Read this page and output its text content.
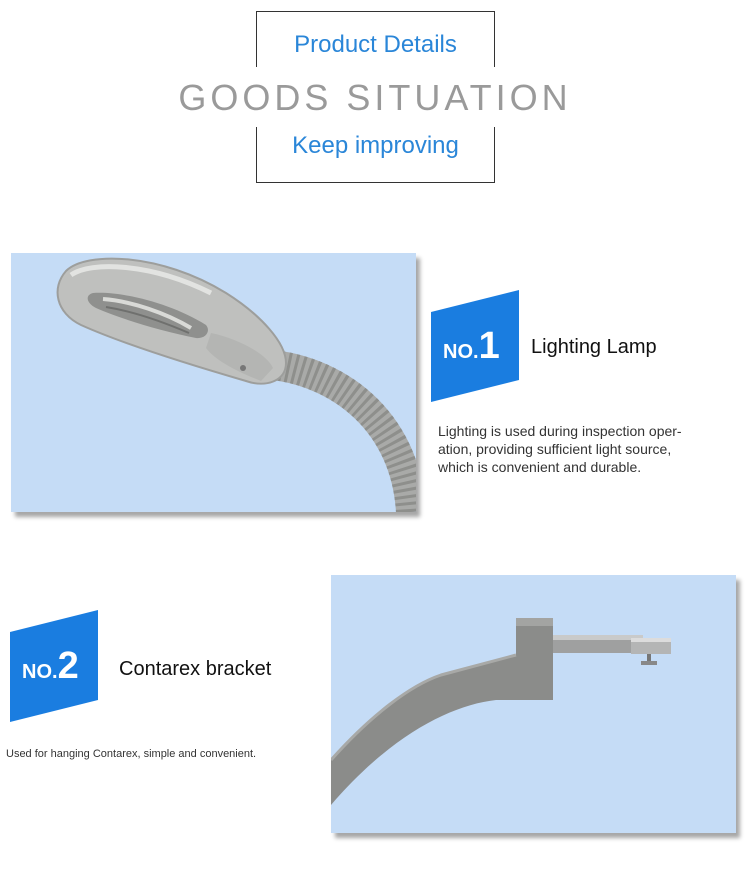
Product Details
GOODS SITUATION
Keep improving
NO.1 Lighting Lamp
Lighting is used during inspection oper-
ation, providing sufficient light source,
which is convenient and durable.
NO.2 Contarex bracket
Used for hanging Contarex, simple and convenient.
